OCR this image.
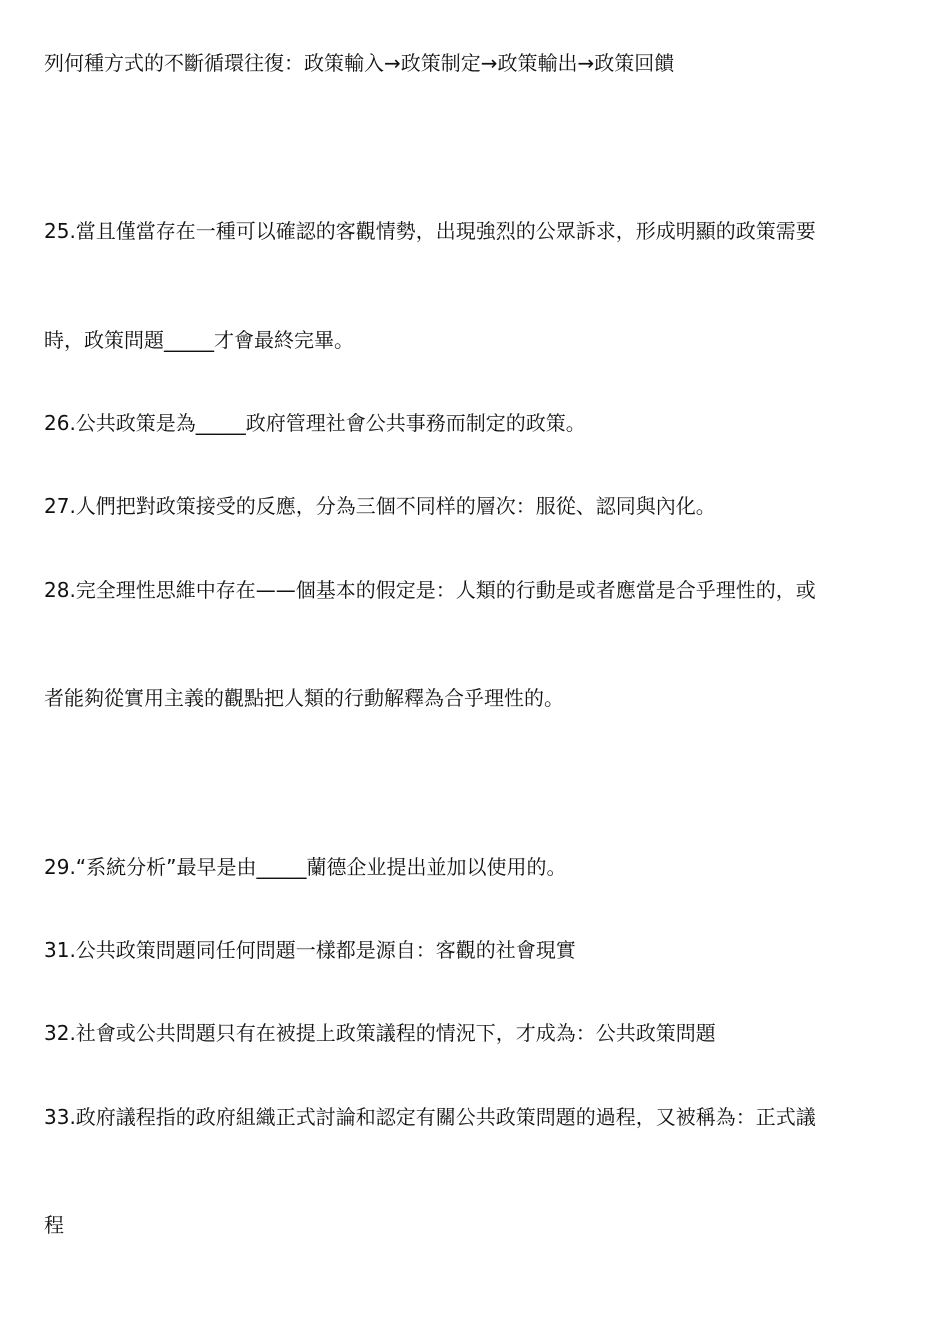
列何種方式的不斷循環往復：政策輸入→政策制定→政策輸出→政策回饋
25.當且僅當存在一種可以確認的客觀情勢，出現強烈的公眾訴求，形成明顯的政策需要
時，政策問題_____才會最終完畢。
26.公共政策是為_____政府管理社會公共事務而制定的政策。
27.人們把對政策接受的反應，分為三個不同样的層次：服從、認同與內化。
28.完全理性思維中存在——個基本的假定是：人類的行動是或者應當是合乎理性的，或
者能夠從實用主義的觀點把人類的行動解釋為合乎理性的。
29.“系統分析”最早是由_____蘭德企业提出並加以使用的。
31.公共政策問題同任何問題一樣都是源自：客觀的社會現實
32.社會或公共問題只有在被提上政策議程的情況下，才成為：公共政策問題
33.政府議程指的政府組織正式討論和認定有關公共政策問題的過程，又被稱為：正式議
程
